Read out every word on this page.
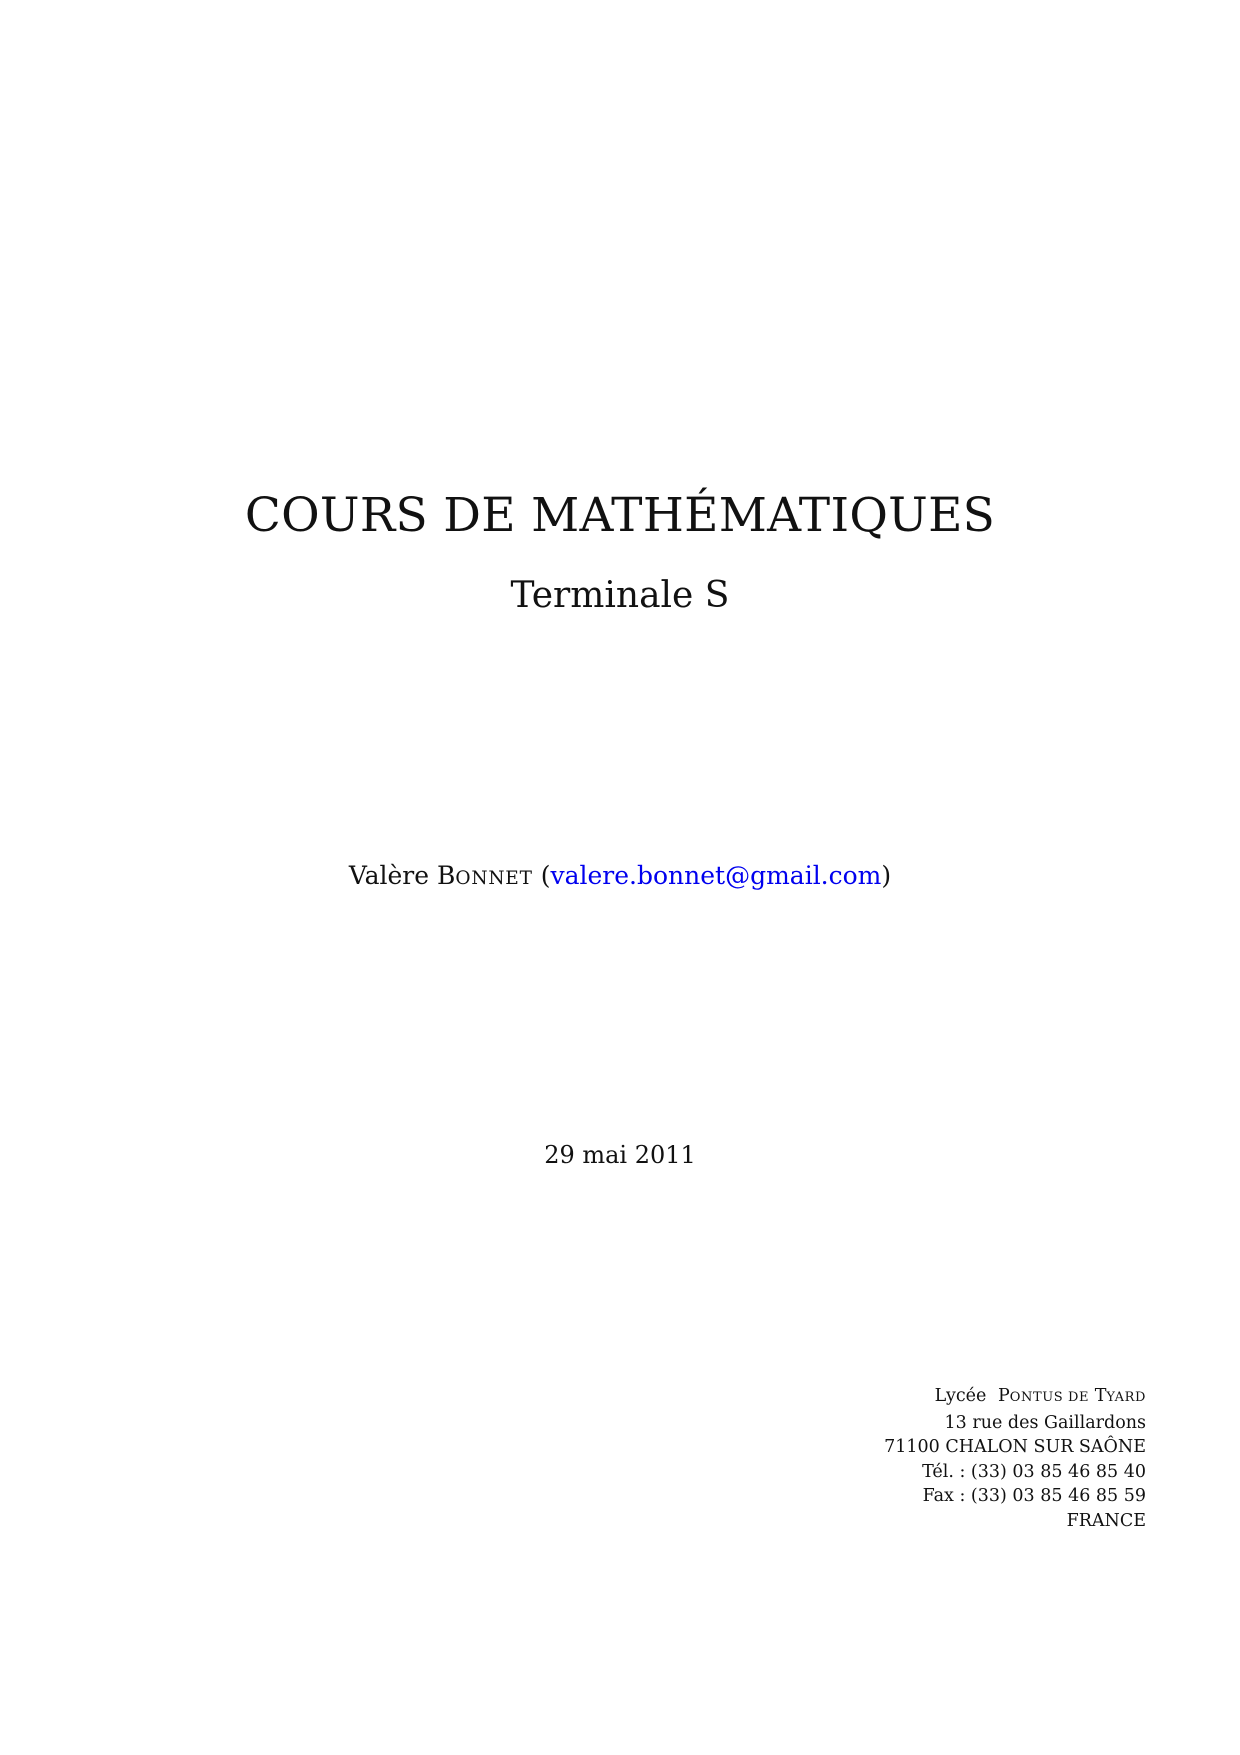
COURS DE MATHÉMATIQUES
Terminale S
Valère BONNET (valere.bonnet@gmail.com)
29 mai 2011
Lycée PONTUS DE TYARD
13 rue des Gaillardons
71100 CHALON SUR SAÔNE
Tél. : (33) 03 85 46 85 40
Fax : (33) 03 85 46 85 59
FRANCE
